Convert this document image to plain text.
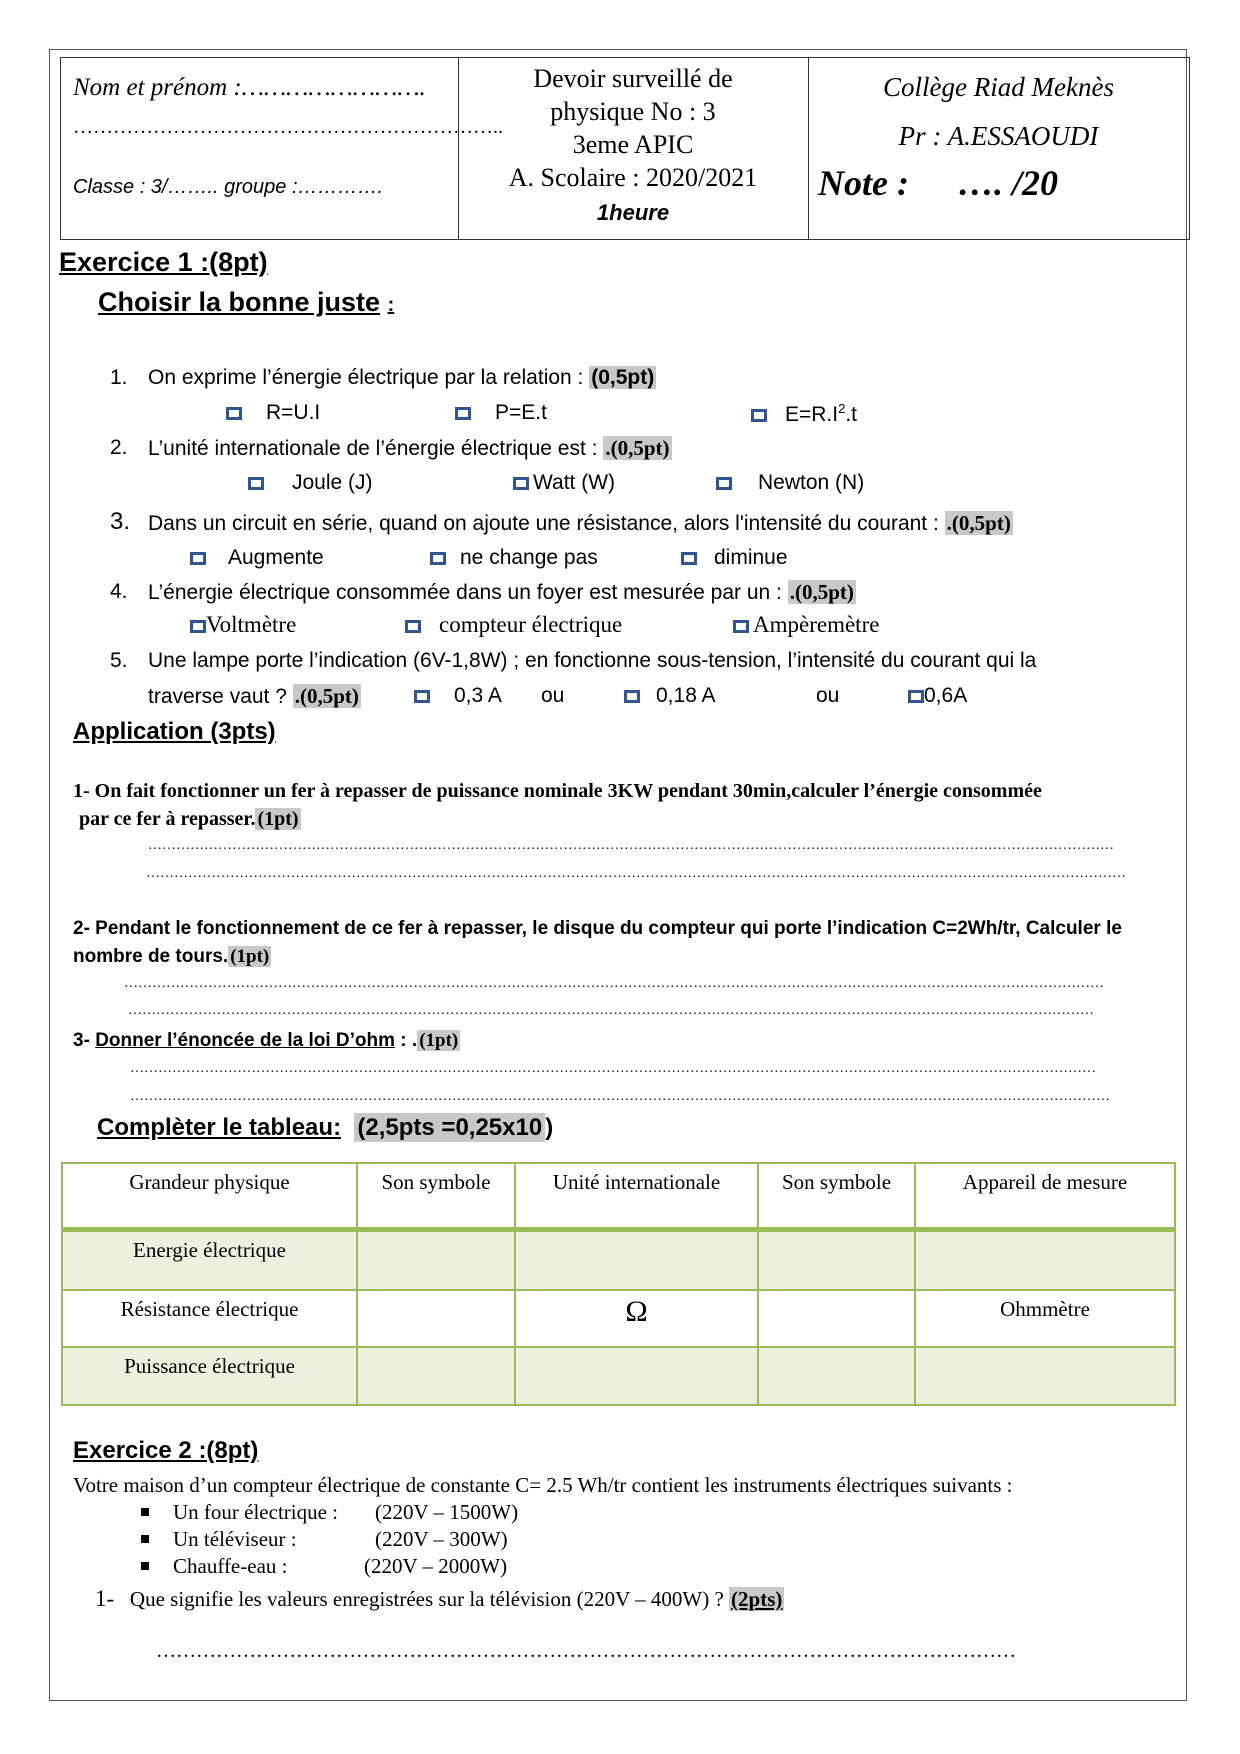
Nom et prénom :…………………….
………………………………………………………..
Classe : 3/…….. groupe :………….
Devoir surveillé de
physique No : 3
3eme APIC
A. Scolaire : 2020/2021
1heure
Collège Riad Meknès
Pr : A.ESSAOUDI
Note : …. /20
Exercice 1 :(8pt)
Choisir la bonne juste :
1. On exprime l’énergie électrique par la relation : (0,5pt)
R=U.I	P=E.t	$E=R.I^2.t$
2. L’unité internationale de l’énergie électrique est : .(0,5pt)
Joule (J)	Watt (W)	Newton (N)
3. Dans un circuit en série, quand on ajoute une résistance, alors l'intensité du courant : .(0,5pt)
Augmente	ne change pas	diminue
4. L’énergie électrique consommée dans un foyer est mesurée par un : .(0,5pt)
Voltmètre	compteur électrique	Ampèremètre
5. Une lampe porte l’indication (6V-1,8W) ; en fonctionne sous-tension, l’intensité du courant qui la
traverse vaut ? .(0,5pt)	0,3 A ou	0,18 A	ou	0,6A
Application (3pts)
1- On fait fonctionner un fer à repasser de puissance nominale 3KW pendant 30min,calculer l’énergie consommée
par ce fer à repasser. (1pt)
………………………………………………………………………………………………………………………………………………………………………………………
…………………………………………………………………………………………………………………………………………………………………………………………
2- Pendant le fonctionnement de ce fer à repasser, le disque du compteur qui porte l’indication C=2Wh/tr, Calculer le
nombre de tours. (1pt)
…………………………………………………………………………………………………………………………………………………………………………………………
………………………………………………………………………………………………………………………………………………………………………………………
3- Donner l’énoncée de la loi D’ohm : . (1pt)
………………………………………………………………………………………………………………………………………………………………………………………
…………………………………………………………………………………………………………………………………………………………………………………………
Complèter le tableau: (2,5pts =0,25x10 )
Grandeur physique	Son symbole	Unité internationale	Son symbole	Appareil de mesure
Energie électrique				
Résistance électrique		Ω		Ohmmètre
Puissance électrique				
Exercice 2 :(8pt)
Votre maison d’un compteur électrique de constante C= 2.5 Wh/tr contient les instruments électriques suivants :
Un four électrique : (220V – 1500W)
Un téléviseur :	(220V – 300W)
Chauffe-eau :	(220V – 2000W)
1- Que signifie les valeurs enregistrées sur la télévision (220V – 400W) ? (2pts)
…………………………………………………………………………………………………………………
